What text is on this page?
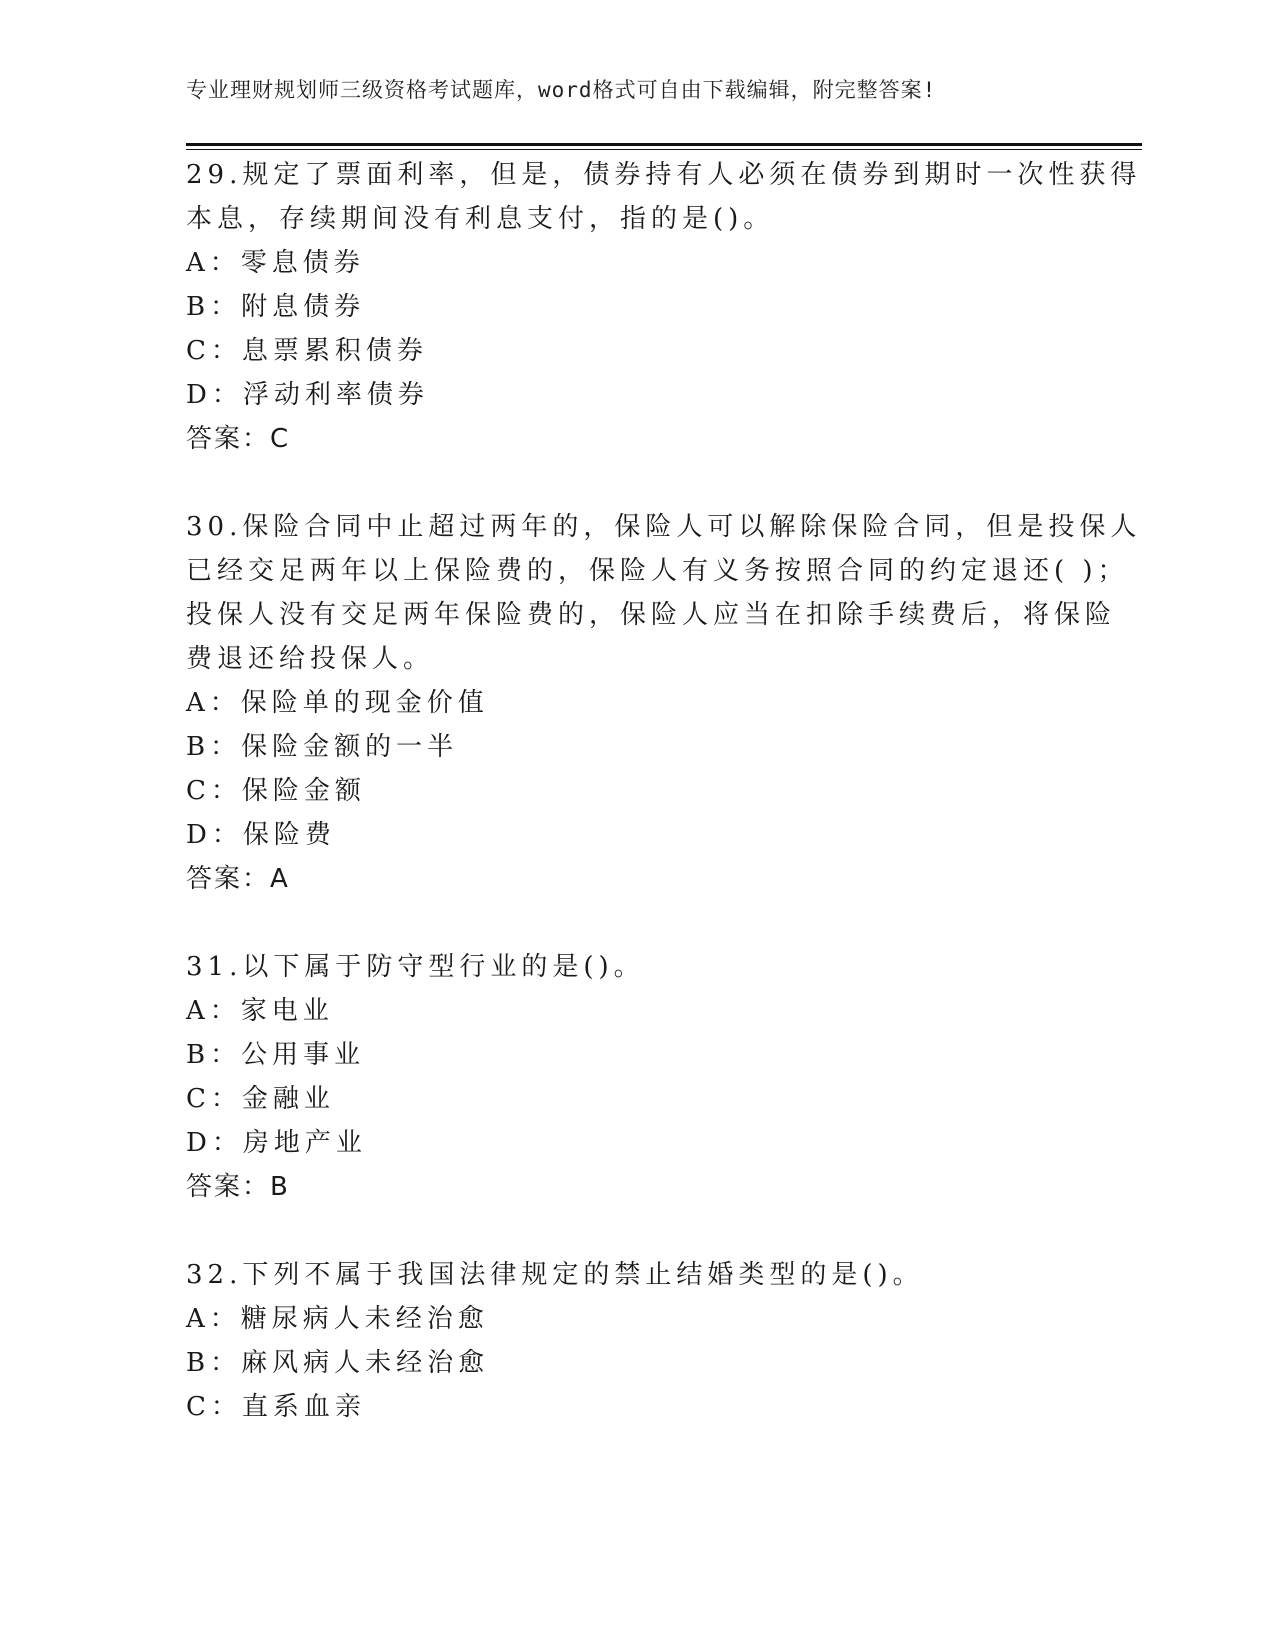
专业理财规划师三级资格考试题库，word格式可自由下载编辑，附完整答案!
29.规定了票面利率，但是，债券持有人必须在债券到期时一次性获得
本息，存续期间没有利息支付，指的是()。
A：零息债券
B：附息债券
C：息票累积债券
D：浮动利率债券
答案：C
30.保险合同中止超过两年的，保险人可以解除保险合同，但是投保人
已经交足两年以上保险费的，保险人有义务按照合同的约定退还( )；
投保人没有交足两年保险费的，保险人应当在扣除手续费后，将保险
费退还给投保人。
A：保险单的现金价值
B：保险金额的一半
C：保险金额
D：保险费
答案：A
31.以下属于防守型行业的是()。
A：家电业
B：公用事业
C：金融业
D：房地产业
答案：B
32.下列不属于我国法律规定的禁止结婚类型的是()。
A：糖尿病人未经治愈
B：麻风病人未经治愈
C：直系血亲
